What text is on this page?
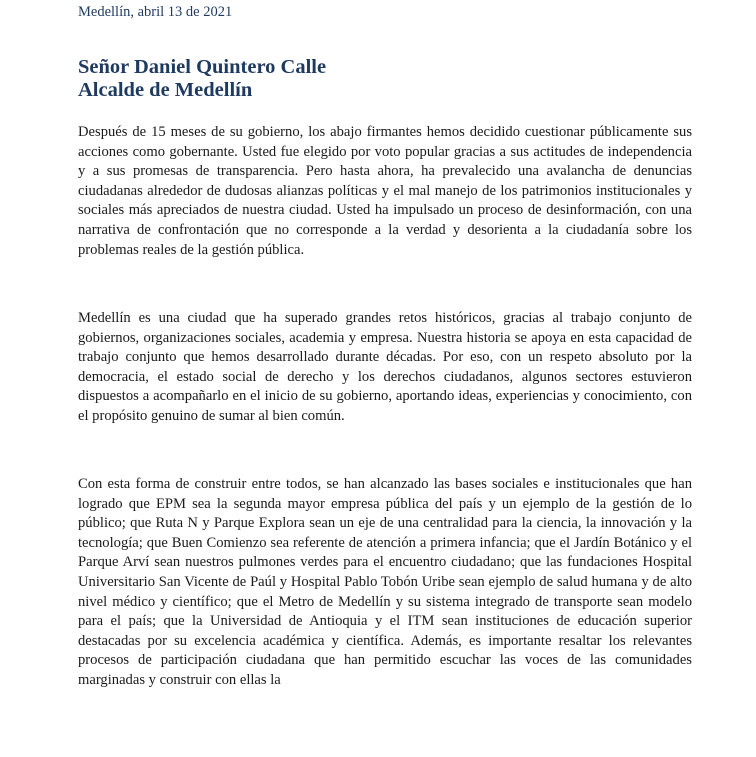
Medellín, abril 13 de 2021
Señor Daniel Quintero Calle
Alcalde de Medellín

Después de 15 meses de su gobierno, los abajo firmantes hemos decidido cuestionar públicamente sus acciones como gobernante. Usted fue elegido por voto popular gracias a sus actitudes de independencia y a sus promesas de transparencia. Pero hasta ahora, ha prevalecido una avalancha de denuncias ciudadanas alrededor de dudosas alianzas políticas y el mal manejo de los patrimonios institucionales y sociales más apreciados de nuestra ciudad. Usted ha impulsado un proceso de desinformación, con una narrativa de confrontación que no corresponde a la verdad y desorienta a la ciudadanía sobre los problemas reales de la gestión pública.

Medellín es una ciudad que ha superado grandes retos históricos, gracias al trabajo conjunto de gobiernos, organizaciones sociales, academia y empresa. Nuestra historia se apoya en esta capacidad de trabajo conjunto que hemos desarrollado durante décadas. Por eso, con un respeto absoluto por la democracia, el estado social de derecho y los derechos ciudadanos, algunos sectores estuvieron dispuestos a acompañarlo en el inicio de su gobierno, aportando ideas, experiencias y conocimiento, con el propósito genuino de sumar al bien común.

Con esta forma de construir entre todos, se han alcanzado las bases sociales e institucionales que han logrado que EPM sea la segunda mayor empresa pública del país y un ejemplo de la gestión de lo público; que Ruta N y Parque Explora sean un eje de una centralidad para la ciencia, la innovación y la tecnología; que Buen Comienzo sea referente de atención a primera infancia; que el Jardín Botánico y el Parque Arví sean nuestros pulmones verdes para el encuentro ciudadano; que las fundaciones Hospital Universitario San Vicente de Paúl y Hospital Pablo Tobón Uribe sean ejemplo de salud humana y de alto nivel médico y científico; que el Metro de Medellín y su sistema integrado de transporte sean modelo para el país; que la Universidad de Antioquia y el ITM sean instituciones de educación superior destacadas por su excelencia académica y científica. Además, es importante resaltar los relevantes procesos de participación ciudadana que han permitido escuchar las voces de las comunidades marginadas y construir con ellas la
